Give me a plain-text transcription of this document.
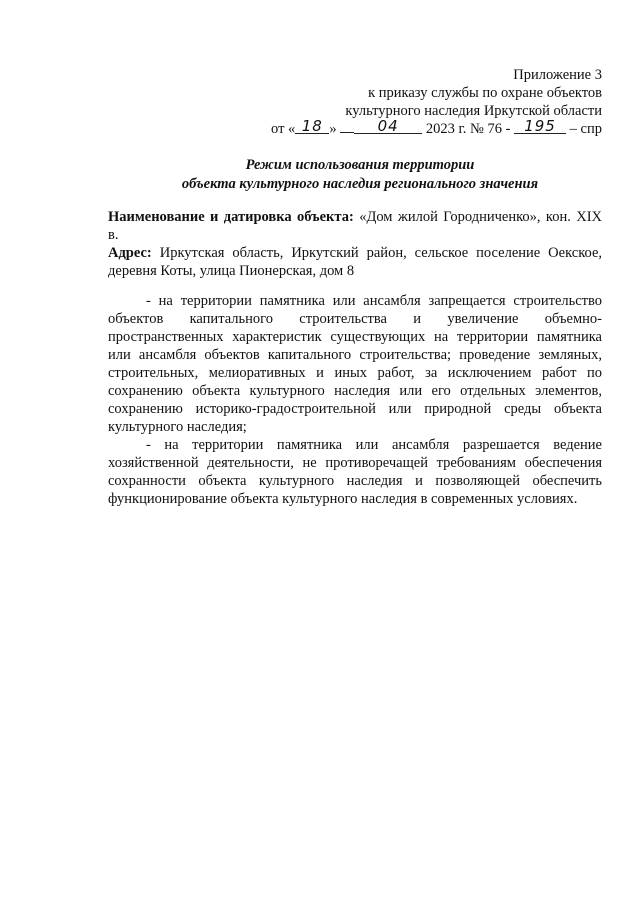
Приложение 3
к приказу службы по охране объектов
культурного наследия Иркутской области
от « 18 »	04 2023 г. № 76 - 195 – спр
Режим использования территории
объекта культурного наследия регионального значения
Наименование и датировка объекта: «Дом жилой Городниченко», кон. XIX в.
Адрес: Иркутская область, Иркутский район, сельское поселение Оекское, деревня Коты, улица Пионерская, дом 8

- на территории памятника или ансамбля запрещается строительство объектов капитального строительства и увеличение объемно-пространственных характеристик существующих на территории памятника или ансамбля объектов капитального строительства; проведение земляных, строительных, мелиоративных и иных работ, за исключением работ по сохранению объекта культурного наследия или его отдельных элементов, сохранению историко-градостроительной или природной среды объекта культурного наследия;

- на территории памятника или ансамбля разрешается ведение хозяйственной деятельности, не противоречащей требованиям обеспечения сохранности объекта культурного наследия и позволяющей обеспечить функционирование объекта культурного наследия в современных условиях.
